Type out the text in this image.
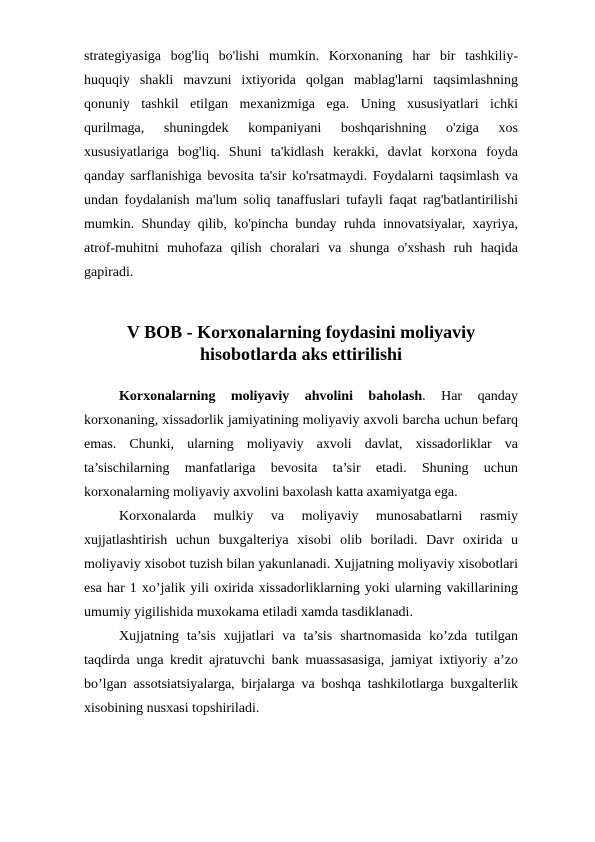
strategiyasiga bog'liq bo'lishi mumkin. Korxonaning har bir tashkiliy-huquqiy shakli mavzuni ixtiyorida qolgan mablag'larni taqsimlashning qonuniy tashkil etilgan mexanizmiga ega. Uning xususiyatlari ichki qurilmaga, shuningdek kompaniyani boshqarishning o'ziga xos xususiyatlariga bog'liq. Shuni ta'kidlash kerakki, davlat korxona foyda qanday sarflanishiga bevosita ta'sir ko'rsatmaydi. Foydalarni taqsimlash va undan foydalanish ma'lum soliq tanaffuslari tufayli faqat rag'batlantirilishi mumkin. Shunday qilib, ko'pincha bunday ruhda innovatsiyalar, xayriya, atrof-muhitni muhofaza qilish choralari va shunga o'xshash ruh haqida gapiradi.

V BOB - Korxonalarning foydasini moliyaviy hisobotlarda aks ettirilishi

Korxonalarning moliyaviy ahvolini baholash. Har qanday korxonaning, xissadorlik jamiyatining moliyaviy axvoli barcha uchun befarq emas. Chunki, ularning moliyaviy axvoli davlat, xissadorliklar va ta’sischilarning manfatlariga bevosita ta’sir etadi. Shuning uchun korxonalarning moliyaviy axvolini baxolash katta axamiyatga ega.

Korxonalarda mulkiy va moliyaviy munosabatlarni rasmiy xujjatlashtirish uchun buxgalteriya xisobi olib boriladi. Davr oxirida u moliyaviy xisobot tuzish bilan yakunlanadi. Xujjatning moliyaviy xisobotlari esa har 1 xo’jalik yili oxirida xissadorliklarning yoki ularning vakillarining umumiy yigilishida muxokama etiladi xamda tasdiklanadi.

Xujjatning ta’sis xujjatlari va ta’sis shartnomasida ko’zda tutilgan taqdirda unga kredit ajratuvchi bank muassasasiga, jamiyat ixtiyoriy a’zo bo’lgan assotsiatsiyalarga, birjalarga va boshqa tashkilotlarga buxgalterlik xisobining nusxasi topshiriladi.
